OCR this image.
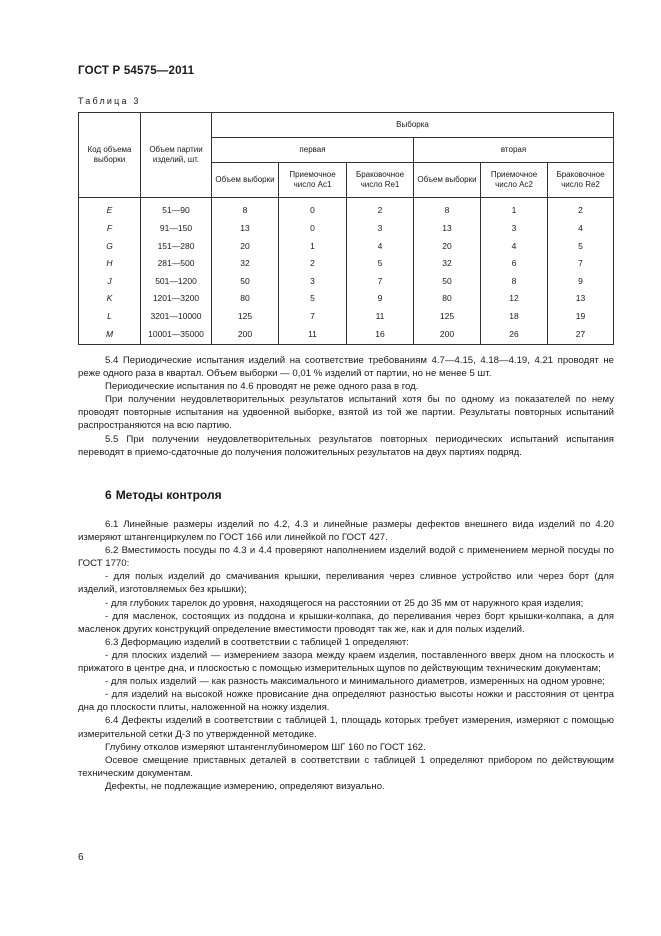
ГОСТ Р 54575—2011
Таблица 3
Код объема выборки	Объем партии изделий, шт.	Выборка					
		первая			вторая		
		Объем выборки	Приемочное число Ac1	Браковочное число Re1	Объем выборки	Приемочное число Ac2	Браковочное число Re2

E	51—90	8	0	2	8	1	2
F	91—150	13	0	3	13	3	4
G	151—280	20	1	4	20	4	5
H	281—500	32	2	5	32	6	7
J	501—1200	50	3	7	50	8	9
K	1201—3200	80	5	9	80	12	13
L	3201—10000	125	7	11	125	18	19
M	10001—35000	200	11	16	200	26	27

5.4 Периодические испытания изделий на соответствие требованиям 4.7—4.15, 4.18—4.19, 4.21 проводят не реже одного раза в квартал. Объем выборки — 0,01 % изделий от партии, но не менее 5 шт.

Периодические испытания по 4.6 проводят не реже одного раза в год.

При получении неудовлетворительных результатов испытаний хотя бы по одному из показателей по нему проводят повторные испытания на удвоенной выборке, взятой из той же партии. Результаты повторных испытаний распространяются на всю партию.

5.5 При получении неудовлетворительных результатов повторных периодических испытаний испытания переводят в приемо-сдаточные до получения положительных результатов на двух партиях подряд.

6 Методы контроля

6.1 Линейные размеры изделий по 4.2, 4.3 и линейные размеры дефектов внешнего вида изделий по 4.20 измеряют штангенциркулем по ГОСТ 166 или линейкой по ГОСТ 427.

6.2 Вместимость посуды по 4.3 и 4.4 проверяют наполнением изделий водой с применением мерной посуды по ГОСТ 1770:

- для полых изделий до смачивания крышки, переливания через сливное устройство или через борт (для изделий, изготовляемых без крышки);

- для глубоких тарелок до уровня, находящегося на расстоянии от 25 до 35 мм от наружного края изделия;

- для масленок, состоящих из поддона и крышки-колпака, до переливания через борт крышки-колпака, а для масленок других конструкций определение вместимости проводят так же, как и для полых изделий.

6.3 Деформацию изделий в соответствии с таблицей 1 определяют:

- для плоских изделий — измерением зазора между краем изделия, поставленного вверх дном на плоскость и прижатого в центре дна, и плоскостью с помощью измерительных щупов по действующим техническим документам;

- для полых изделий — как разность максимального и минимального диаметров, измеренных на одном уровне;

- для изделий на высокой ножке провисание дна определяют разностью высоты ножки и расстояния от центра дна до плоскости плиты, наложенной на ножку изделия.

6.4 Дефекты изделий в соответствии с таблицей 1, площадь которых требует измерения, измеряют с помощью измерительной сетки Д-3 по утвержденной методике.

Глубину отколов измеряют штангенглубиномером ШГ 160 по ГОСТ 162.

Осевое смещение приставных деталей в соответствии с таблицей 1 определяют прибором по действующим техническим документам.

Дефекты, не подлежащие измерению, определяют визуально.

6
